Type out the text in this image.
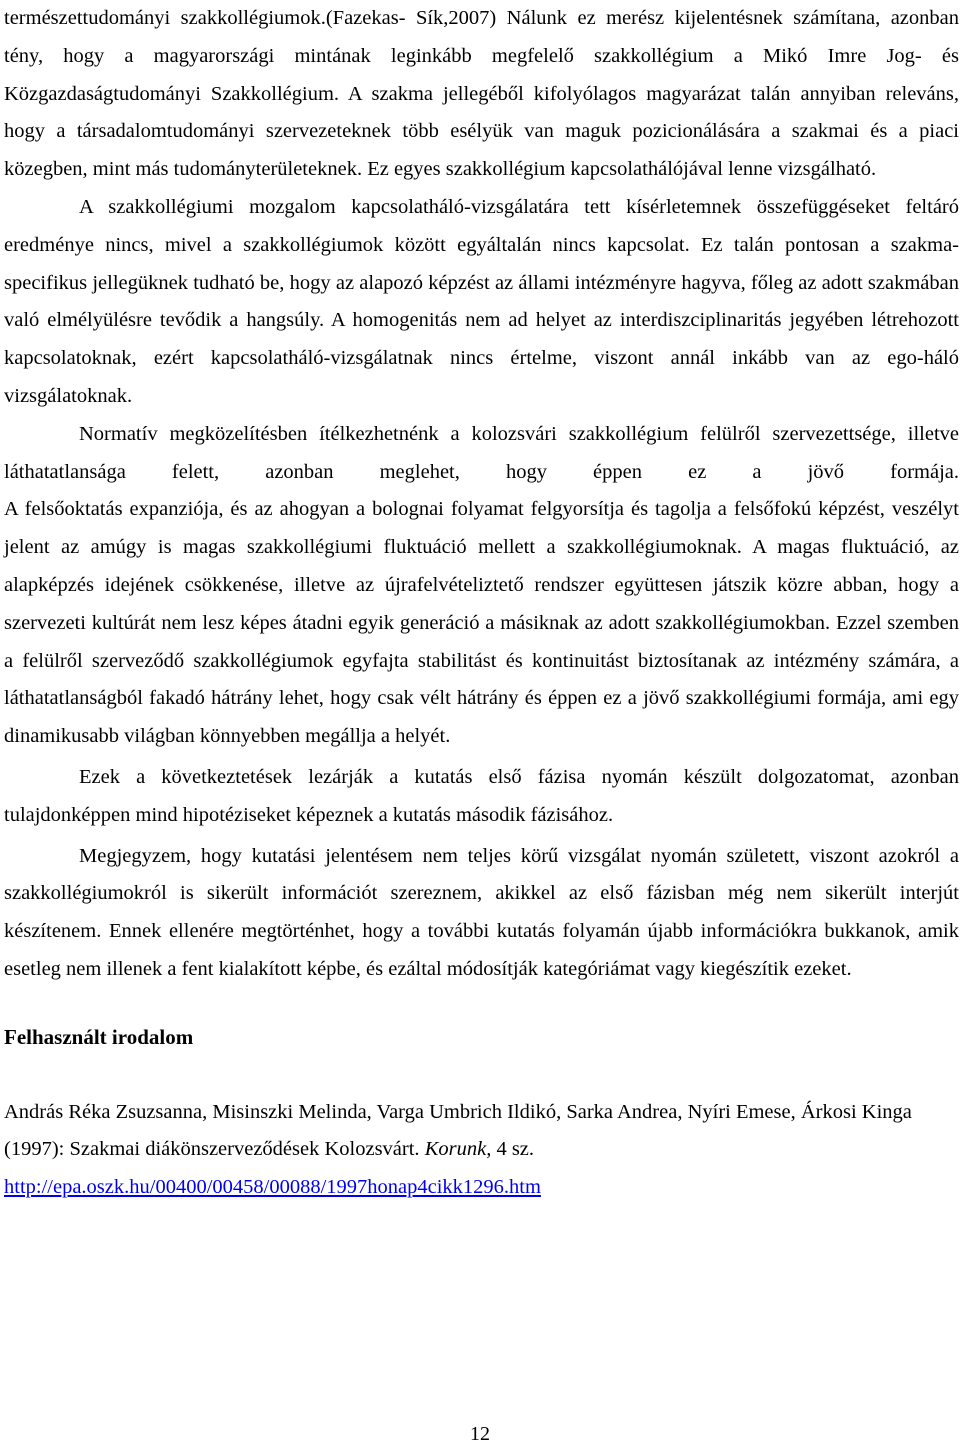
természettudományi szakkollégiumok.(Fazekas- Sík,2007) Nálunk ez merész kijelentésnek számítana, azonban tény, hogy a magyarországi mintának leginkább megfelelő szakkollégium a Mikó Imre Jog- és Közgazdaságtudományi Szakkollégium. A szakma jellegéből kifolyólagos magyarázat talán annyiban releváns, hogy a társadalomtudományi szervezeteknek több esélyük van maguk pozicionálására a szakmai és a piaci közegben, mint más tudományterületeknek. Ez egyes szakkollégium kapcsolathálójával lenne vizsgálható.

A szakkollégiumi mozgalom kapcsolatháló-vizsgálatára tett kísérletemnek összefüggéseket feltáró eredménye nincs, mivel a szakkollégiumok között egyáltalán nincs kapcsolat. Ez talán pontosan a szakma-specifikus jellegüknek tudható be, hogy az alapozó képzést az állami intézményre hagyva, főleg az adott szakmában való elmélyülésre tevődik a hangsúly. A homogenitás nem ad helyet az interdiszciplinaritás jegyében létrehozott kapcsolatoknak, ezért kapcsolatháló-vizsgálatnak nincs értelme, viszont annál inkább van az ego-háló vizsgálatoknak.

Normatív megközelítésben ítélkezhetnénk a kolozsvári szakkollégium felülről szervezettsége, illetve láthatatlansága felett, azonban meglehet, hogy éppen ez a jövő formája.

A felsőoktatás expanziója, és az ahogyan a bolognai folyamat felgyorsítja és tagolja a felsőfokú képzést, veszélyt jelent az amúgy is magas szakkollégiumi fluktuáció mellett a szakkollégiumoknak. A magas fluktuáció, az alapképzés idejének csökkenése, illetve az újrafelvételiztető rendszer együttesen játszik közre abban, hogy a szervezeti kultúrát nem lesz képes átadni egyik generáció a másiknak az adott szakkollégiumokban. Ezzel szemben a felülről szerveződő szakkollégiumok egyfajta stabilitást és kontinuitást biztosítanak az intézmény számára, a láthatatlanságból fakadó hátrány lehet, hogy csak vélt hátrány és éppen ez a jövő szakkollégiumi formája, ami egy dinamikusabb világban könnyebben megállja a helyét.

Ezek a következtetések lezárják a kutatás első fázisa nyomán készült dolgozatomat, azonban tulajdonképpen mind hipotéziseket képeznek a kutatás második fázisához.

Megjegyzem, hogy kutatási jelentésem nem teljes körű vizsgálat nyomán született, viszont azokról a szakkollégiumokról is sikerült információt szereznem, akikkel az első fázisban még nem sikerült interjút készítenem. Ennek ellenére megtörténhet, hogy a további kutatás folyamán újabb információkra bukkanok, amik esetleg nem illenek a fent kialakított képbe, és ezáltal módosítják kategóriámat vagy kiegészítik ezeket.

Felhasznált irodalom

András Réka Zsuzsanna, Misinszki Melinda, Varga Umbrich Ildikó, Sarka Andrea, Nyíri Emese, Árkosi Kinga (1997): Szakmai diákönszerveződések Kolozsvárt. Korunk, 4 sz.
http://epa.oszk.hu/00400/00458/00088/1997honap4cikk1296.htm

12
